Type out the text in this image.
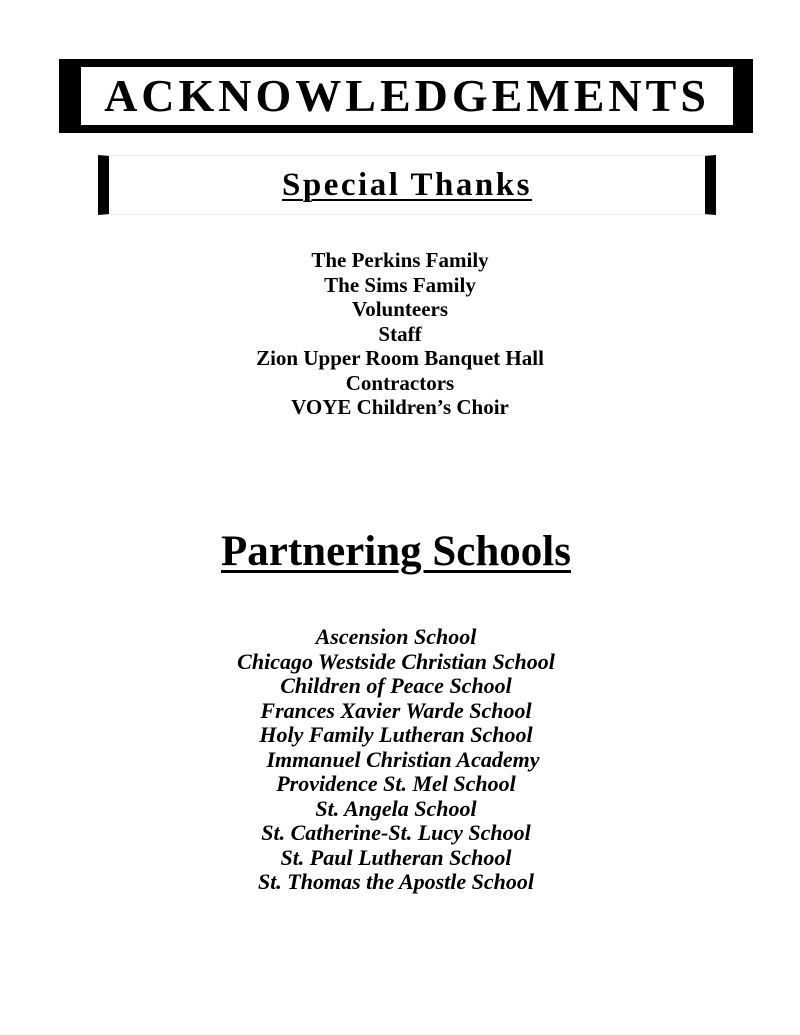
ACKNOWLEDGEMENTS
Special Thanks
The Perkins Family
The Sims Family
Volunteers
Staff
Zion Upper Room Banquet Hall
Contractors
VOYE Children’s Choir
Partnering Schools
Ascension School
Chicago Westside Christian School
Children of Peace School
Frances Xavier Warde School
Holy Family Lutheran School
Immanuel Christian Academy
Providence St. Mel School
St. Angela School
St. Catherine-St. Lucy School
St. Paul Lutheran School
St. Thomas the Apostle School
